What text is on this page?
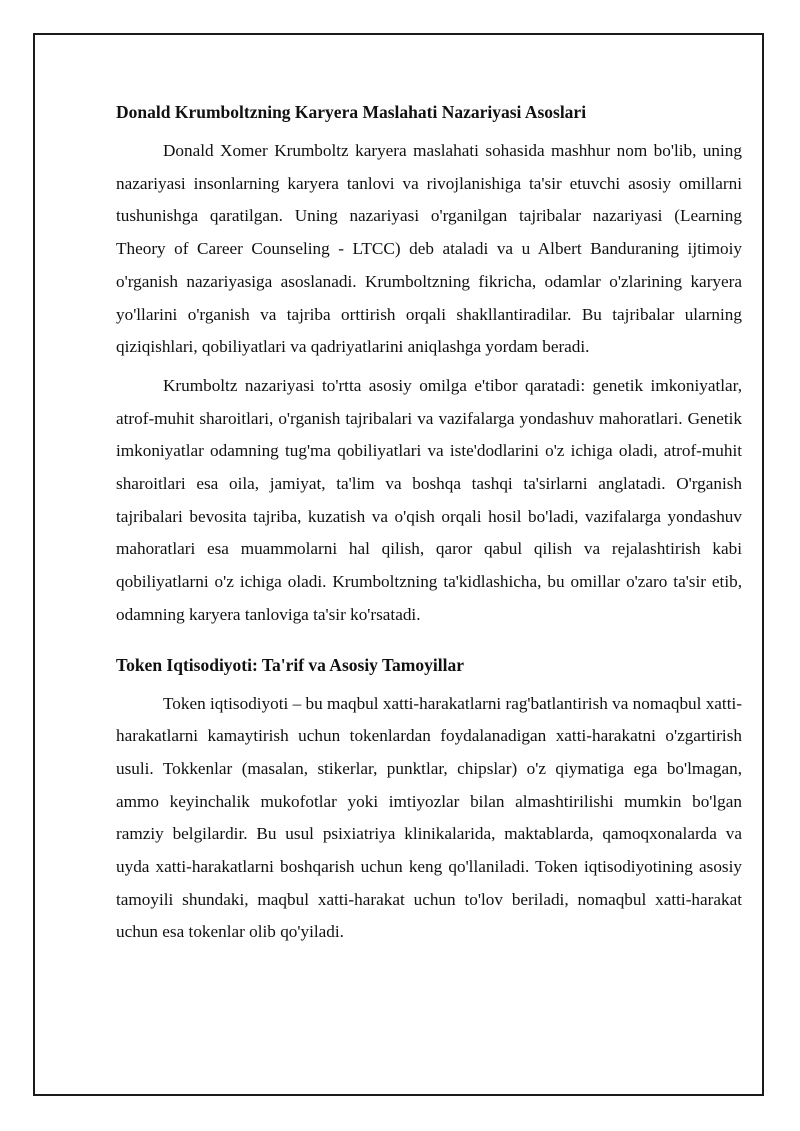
Donald Krumboltzning Karyera Maslahati Nazariyasi Asoslari

Donald Xomer Krumboltz karyera maslahati sohasida mashhur nom bo'lib, uning nazariyasi insonlarning karyera tanlovi va rivojlanishiga ta'sir etuvchi asosiy omillarni tushunishga qaratilgan. Uning nazariyasi o'rganilgan tajribalar nazariyasi (Learning Theory of Career Counseling - LTCC) deb ataladi va u Albert Banduraning ijtimoiy o'rganish nazariyasiga asoslanadi. Krumboltzning fikricha, odamlar o'zlarining karyera yo'llarini o'rganish va tajriba orttirish orqali shakllantiradilar. Bu tajribalar ularning qiziqishlari, qobiliyatlari va qadriyatlarini aniqlashga yordam beradi.

Krumboltz nazariyasi to'rtta asosiy omilga e'tibor qaratadi: genetik imkoniyatlar, atrof-muhit sharoitlari, o'rganish tajribalari va vazifalarga yondashuv mahoratlari. Genetik imkoniyatlar odamning tug'ma qobiliyatlari va iste'dodlarini o'z ichiga oladi, atrof-muhit sharoitlari esa oila, jamiyat, ta'lim va boshqa tashqi ta'sirlarni anglatadi. O'rganish tajribalari bevosita tajriba, kuzatish va o'qish orqali hosil bo'ladi, vazifalarga yondashuv mahoratlari esa muammolarni hal qilish, qaror qabul qilish va rejalashtirish kabi qobiliyatlarni o'z ichiga oladi. Krumboltzning ta'kidlashicha, bu omillar o'zaro ta'sir etib, odamning karyera tanloviga ta'sir ko'rsatadi.

Token Iqtisodiyoti: Ta'rif va Asosiy Tamoyillar

Token iqtisodiyoti – bu maqbul xatti-harakatlarni rag'batlantirish va nomaqbul xatti-harakatlarni kamaytirish uchun tokenlardan foydalanadigan xatti-harakatni o'zgartirish usuli. Tokkenlar (masalan, stikerlar, punktlar, chipslar) o'z qiymatiga ega bo'lmagan, ammo keyinchalik mukofotlar yoki imtiyozlar bilan almashtirilishi mumkin bo'lgan ramziy belgilardir. Bu usul psixiatriya klinikalarida, maktablarda, qamoqxonalarda va uyda xatti-harakatlarni boshqarish uchun keng qo'llaniladi. Token iqtisodiyotining asosiy tamoyili shundaki, maqbul xatti-harakat uchun to'lov beriladi, nomaqbul xatti-harakat uchun esa tokenlar olib qo'yiladi.
